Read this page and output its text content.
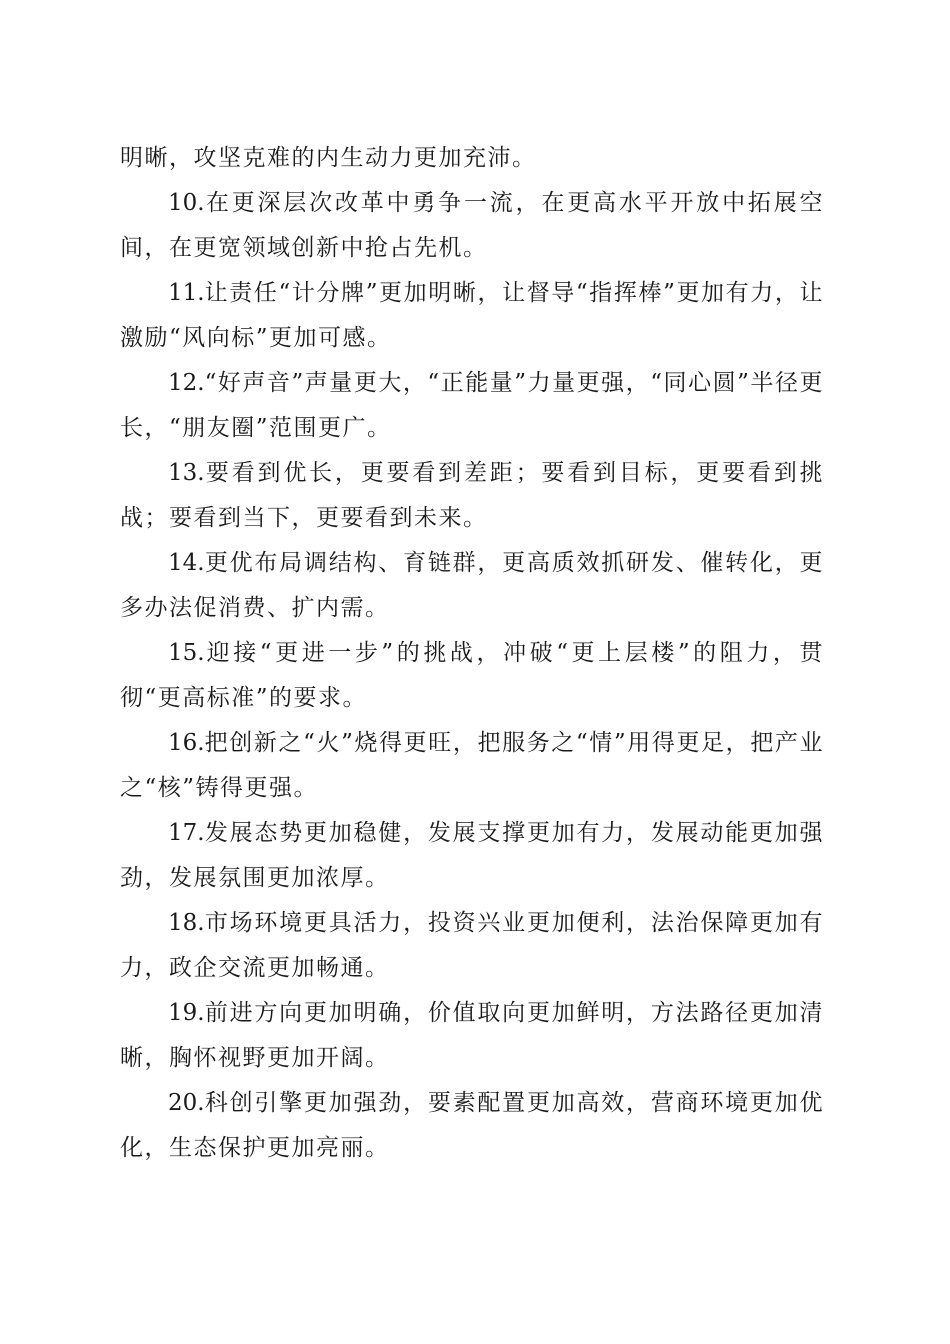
明晰，攻坚克难的内生动力更加充沛。

10.在更深层次改革中勇争一流，在更高水平开放中拓展空间，在更宽领域创新中抢占先机。

11.让责任“计分牌”更加明晰，让督导“指挥棒”更加有力，让激励“风向标”更加可感。

12.“好声音”声量更大，“正能量”力量更强，“同心圆”半径更长，“朋友圈”范围更广。

13.要看到优长，更要看到差距；要看到目标，更要看到挑战；要看到当下，更要看到未来。

14.更优布局调结构、育链群，更高质效抓研发、催转化，更多办法促消费、扩内需。

15.迎接“更进一步”的挑战，冲破“更上层楼”的阻力，贯彻“更高标准”的要求。

16.把创新之“火”烧得更旺，把服务之“情”用得更足，把产业之“核”铸得更强。

17.发展态势更加稳健，发展支撑更加有力，发展动能更加强劲，发展氛围更加浓厚。

18.市场环境更具活力，投资兴业更加便利，法治保障更加有力，政企交流更加畅通。

19.前进方向更加明确，价值取向更加鲜明，方法路径更加清晰，胸怀视野更加开阔。

20.科创引擎更加强劲，要素配置更加高效，营商环境更加优化，生态保护更加亮丽。
